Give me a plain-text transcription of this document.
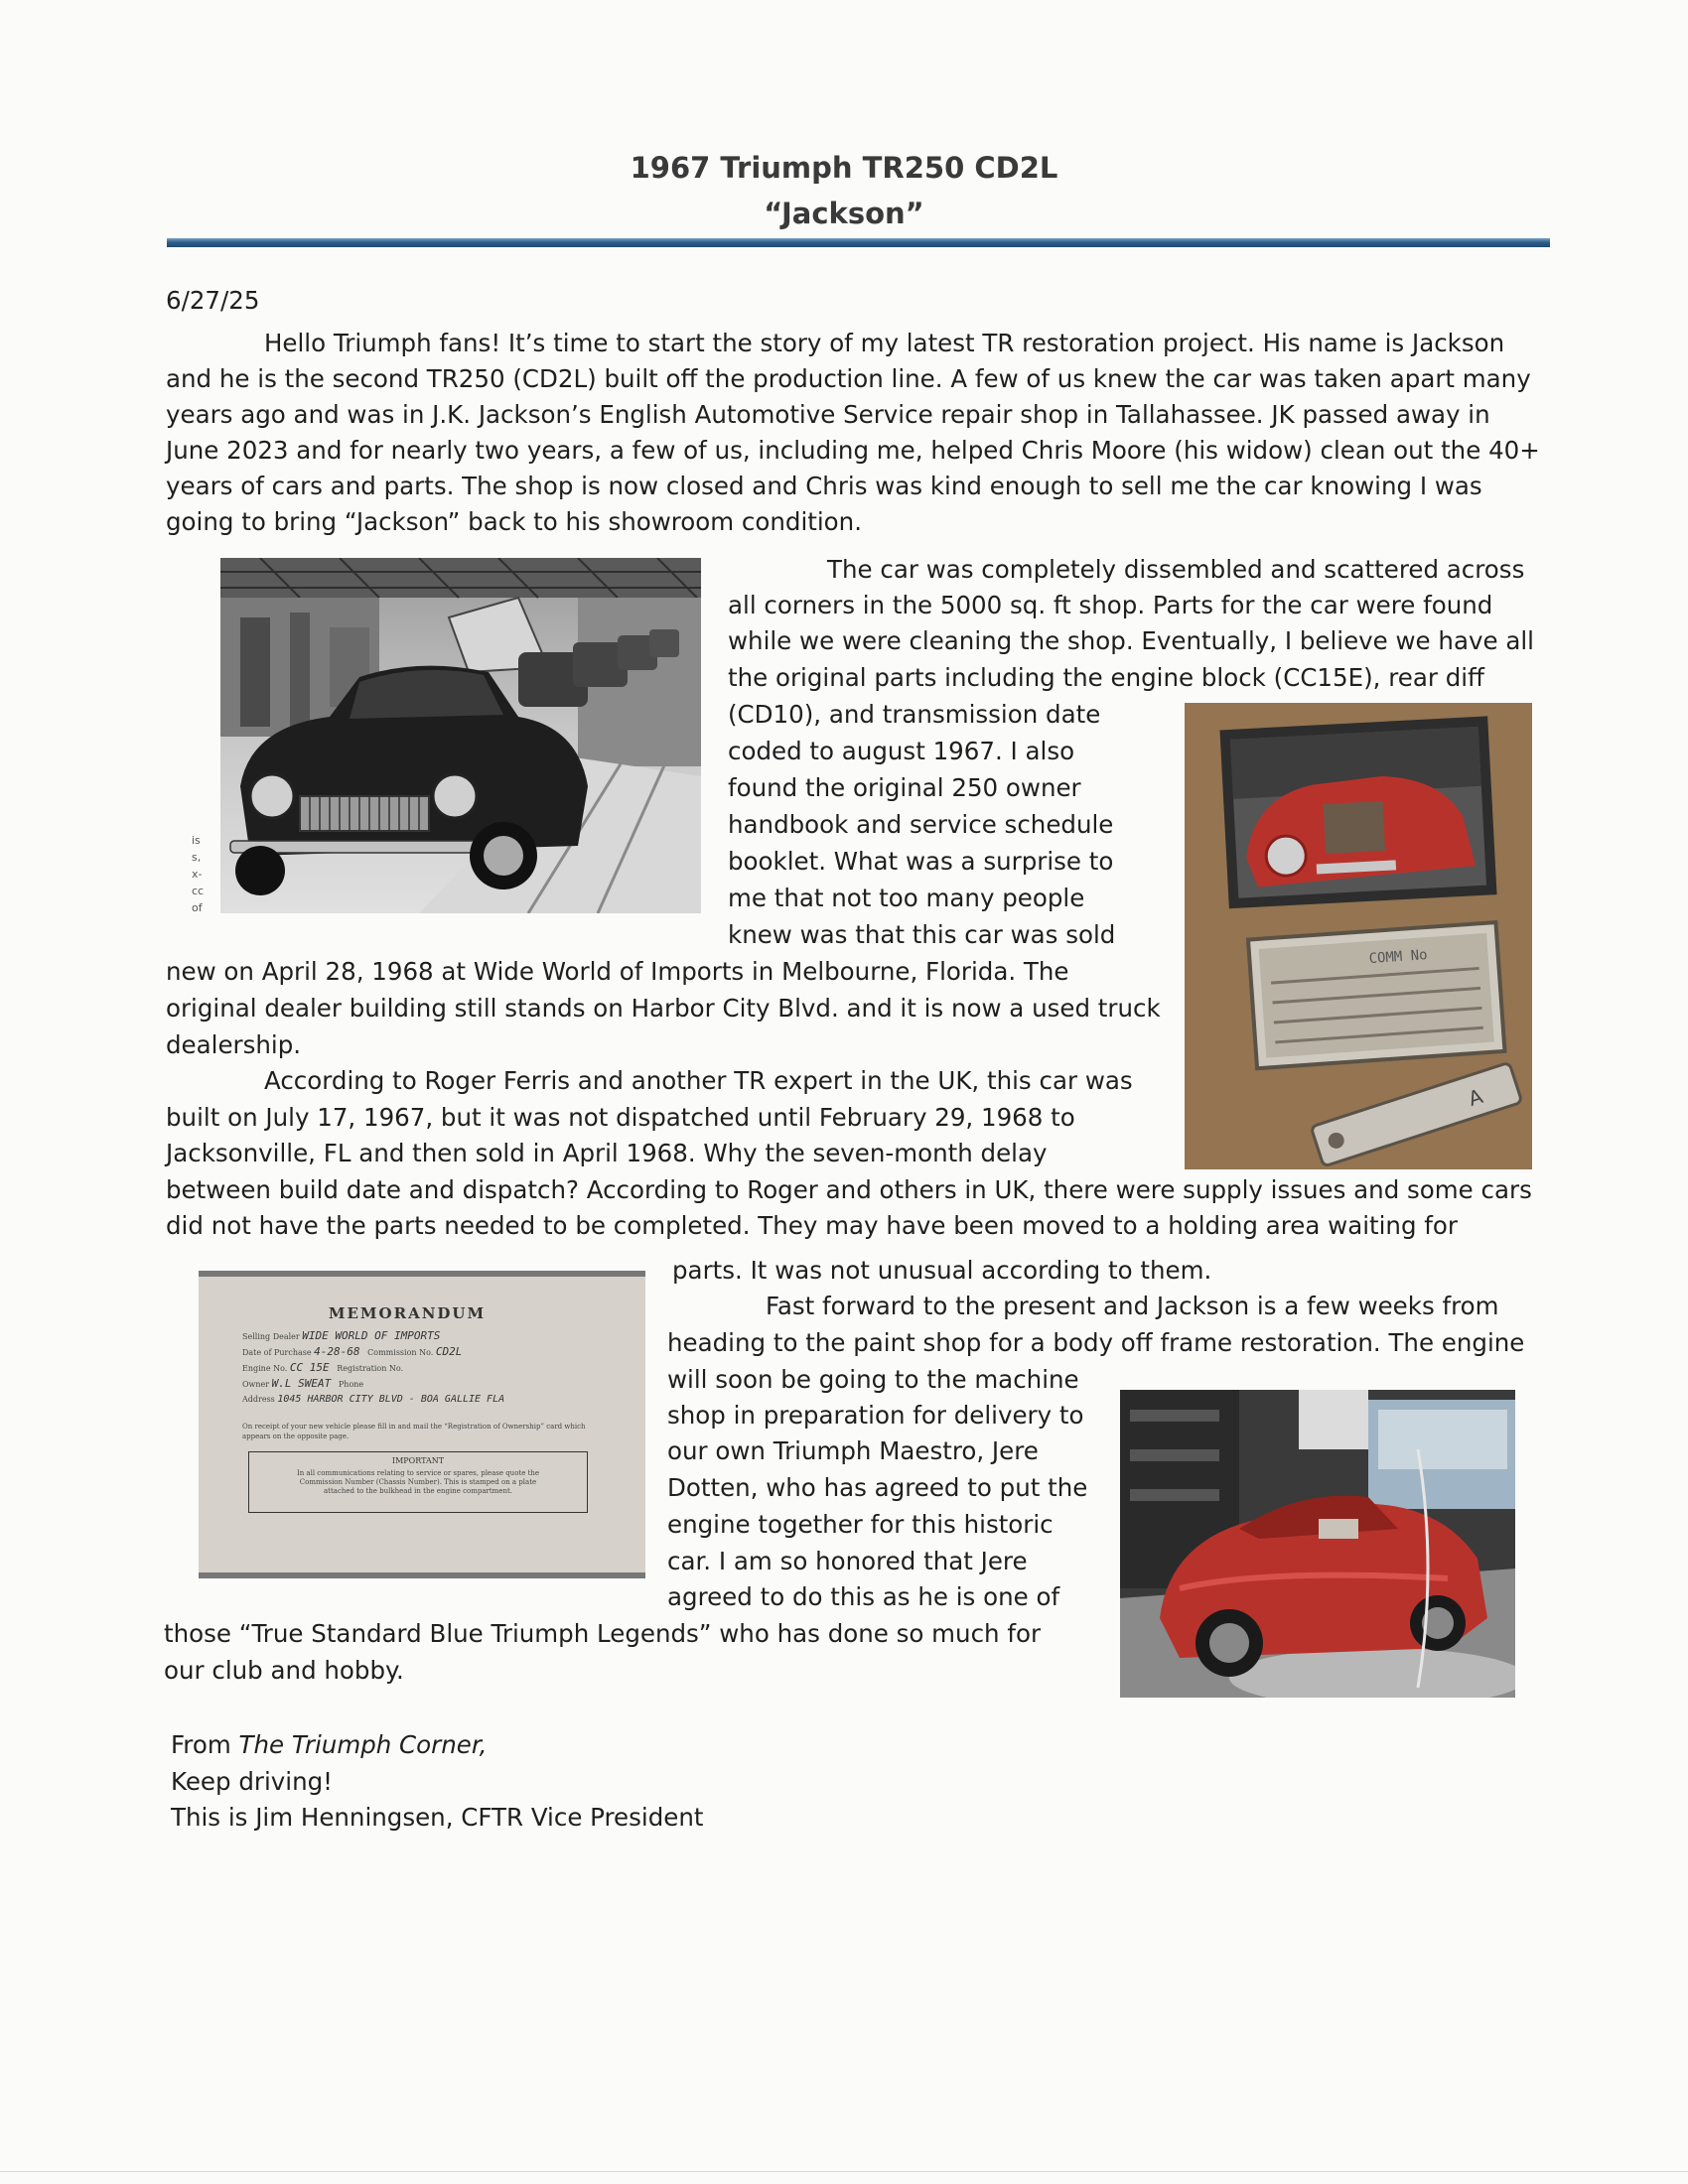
1967 Triumph TR250 CD2L
“Jackson”
6/27/25
Hello Triumph fans! It’s time to start the story of my latest TR restoration project. His name is Jackson
and he is the second TR250 (CD2L) built off the production line. A few of us knew the car was taken apart many
years ago and was in J.K. Jackson’s English Automotive Service repair shop in Tallahassee. JK passed away in
June 2023 and for nearly two years, a few of us, including me, helped Chris Moore (his widow) clean out the 40+
years of cars and parts. The shop is now closed and Chris was kind enough to sell me the car knowing I was
going to bring “Jackson” back to his showroom condition.
is
s,
x-
cc
of
The car was completely dissembled and scattered across
all corners in the 5000 sq. ft shop. Parts for the car were found
while we were cleaning the shop. Eventually, I believe we have all
the original parts including the engine block (CC15E), rear diff
(CD10), and transmission date
coded to august 1967. I also
found the original 250 owner
handbook and service schedule
booklet. What was a surprise to
me that not too many people
knew was that this car was sold
new on April 28, 1968 at Wide World of Imports in Melbourne, Florida. The
original dealer building still stands on Harbor City Blvd. and it is now a used truck
dealership.
COMM No
A
According to Roger Ferris and another TR expert in the UK, this car was
built on July 17, 1967, but it was not dispatched until February 29, 1968 to
Jacksonville, FL and then sold in April 1968. Why the seven-month delay
between build date and dispatch? According to Roger and others in UK, there were supply issues and some cars
did not have the parts needed to be completed. They may have been moved to a holding area waiting for
parts. It was not unusual according to them.
MEMORANDUM
Selling Dealer WIDE WORLD OF IMPORTS
Date of Purchase 4-28-68 Commission No. CD2L
Engine No. CC 15E Registration No.
Owner W.L SWEAT Phone
Address 1045 HARBOR CITY BLVD - BOA GALLIE FLA
On receipt of your new vehicle please fill in and mail the “Registration of Ownership” card which appears on the opposite page.
IMPORTANT
In all communications relating to service or spares, please quote the Commission Number (Chassis Number). This is stamped on a plate attached to the bulkhead in the engine compartment.
Fast forward to the present and Jackson is a few weeks from
heading to the paint shop for a body off frame restoration. The engine
will soon be going to the machine
shop in preparation for delivery to
our own Triumph Maestro, Jere
Dotten, who has agreed to put the
engine together for this historic
car. I am so honored that Jere
agreed to do this as he is one of
those “True Standard Blue Triumph Legends” who has done so much for
our club and hobby.
From The Triumph Corner,
Keep driving!
This is Jim Henningsen, CFTR Vice President
